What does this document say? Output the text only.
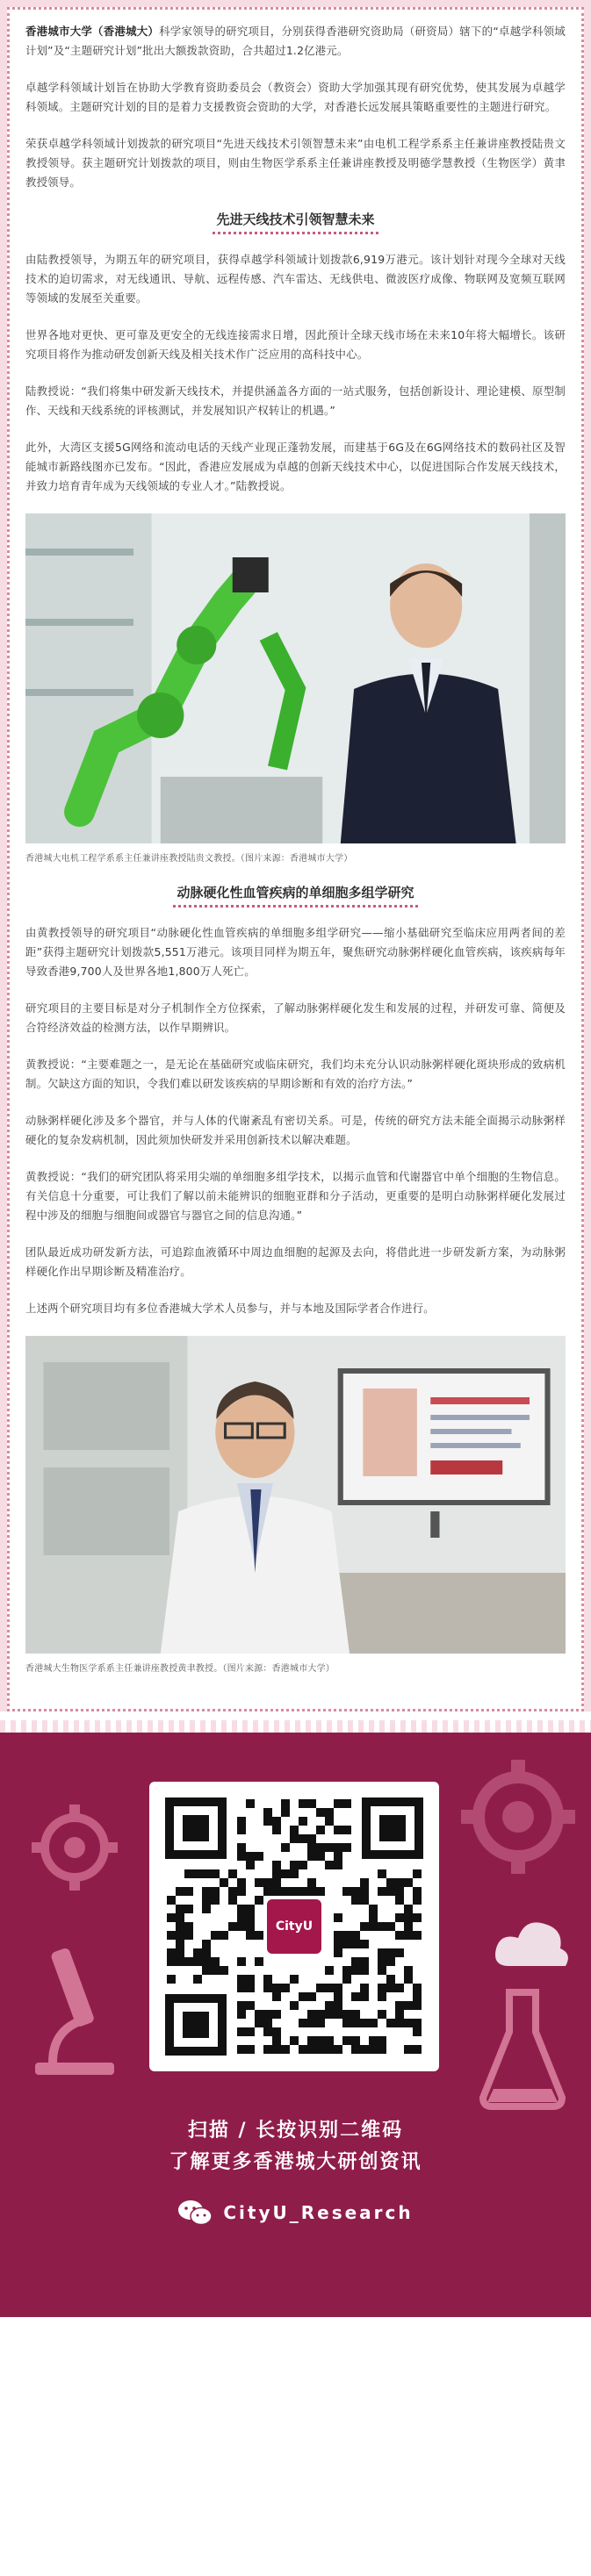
香港城市大学（香港城大）科学家领导的研究项目，分别获得香港研究资助局（研资局）辖下的“卓越学科领域计划”及“主题研究计划”批出大额拨款资助，合共超过1.2亿港元。

卓越学科领域计划旨在协助大学教育资助委员会（教资会）资助大学加强其现有研究优势，使其发展为卓越学科领域。主题研究计划的目的是着力支援教资会资助的大学，对香港长远发展具策略重要性的主题进行研究。

荣获卓越学科领域计划拨款的研究项目“先进天线技术引领智慧未来”由电机工程学系系主任兼讲座教授陆贵文教授领导。获主题研究计划拨款的项目，则由生物医学系系主任兼讲座教授及明德学慧教授（生物医学）黄聿教授领导。

先进天线技术引领智慧未来

由陆教授领导，为期五年的研究项目，获得卓越学科领域计划拨款6,919万港元。该计划针对现今全球对天线技术的迫切需求，对无线通讯、导航、远程传感、汽车雷达、无线供电、微波医疗成像、物联网及宽频互联网等领域的发展至关重要。

世界各地对更快、更可靠及更安全的无线连接需求日增，因此预计全球天线市场在未来10年将大幅增长。该研究项目将作为推动研发创新天线及相关技术作广泛应用的高科技中心。

陆教授说：“我们将集中研发新天线技术，并提供涵盖各方面的一站式服务，包括创新设计、理论建模、原型制作、天线和天线系统的评核测试，并发展知识产权转让的机遇。”

此外，大湾区支援5G网络和流动电话的天线产业现正蓬勃发展，而建基于6G及在6G网络技术的数码社区及智能城市新路线图亦已发布。“因此，香港应发展成为卓越的创新天线技术中心，以促进国际合作发展天线技术，并致力培育青年成为天线领域的专业人才。”陆教授说。

香港城大电机工程学系系主任兼讲座教授陆贵文教授。（图片来源：香港城市大学）

动脉硬化性血管疾病的单细胞多组学研究

由黄教授领导的研究项目“动脉硬化性血管疾病的单细胞多组学研究——缩小基础研究至临床应用两者间的差距”获得主题研究计划拨款5,551万港元。该项目同样为期五年，聚焦研究动脉粥样硬化血管疾病，该疾病每年导致香港9,700人及世界各地1,800万人死亡。

研究项目的主要目标是对分子机制作全方位探索，了解动脉粥样硬化发生和发展的过程，并研发可靠、简便及合符经济效益的检测方法，以作早期辨识。

黄教授说：“主要难题之一，是无论在基础研究或临床研究，我们均未充分认识动脉粥样硬化斑块形成的致病机制。欠缺这方面的知识，令我们难以研发该疾病的早期诊断和有效的治疗方法。”

动脉粥样硬化涉及多个器官，并与人体的代谢紊乱有密切关系。可是，传统的研究方法未能全面揭示动脉粥样硬化的复杂发病机制，因此须加快研发并采用创新技术以解决难题。

黄教授说：“我们的研究团队将采用尖端的单细胞多组学技术，以揭示血管和代谢器官中单个细胞的生物信息。有关信息十分重要，可让我们了解以前未能辨识的细胞亚群和分子活动，更重要的是明白动脉粥样硬化发展过程中涉及的细胞与细胞间或器官与器官之间的信息沟通。”

团队最近成功研发新方法，可追踪血液循环中周边血细胞的起源及去向，将借此进一步研发新方案，为动脉粥样硬化作出早期诊断及精准治疗。

上述两个研究项目均有多位香港城大学术人员参与，并与本地及国际学者合作进行。

香港城大生物医学系系主任兼讲座教授黄聿教授。（图片来源：香港城市大学）

CityU
扫描 / 长按识别二维码
了解更多香港城大研创资讯
CityU_Research
